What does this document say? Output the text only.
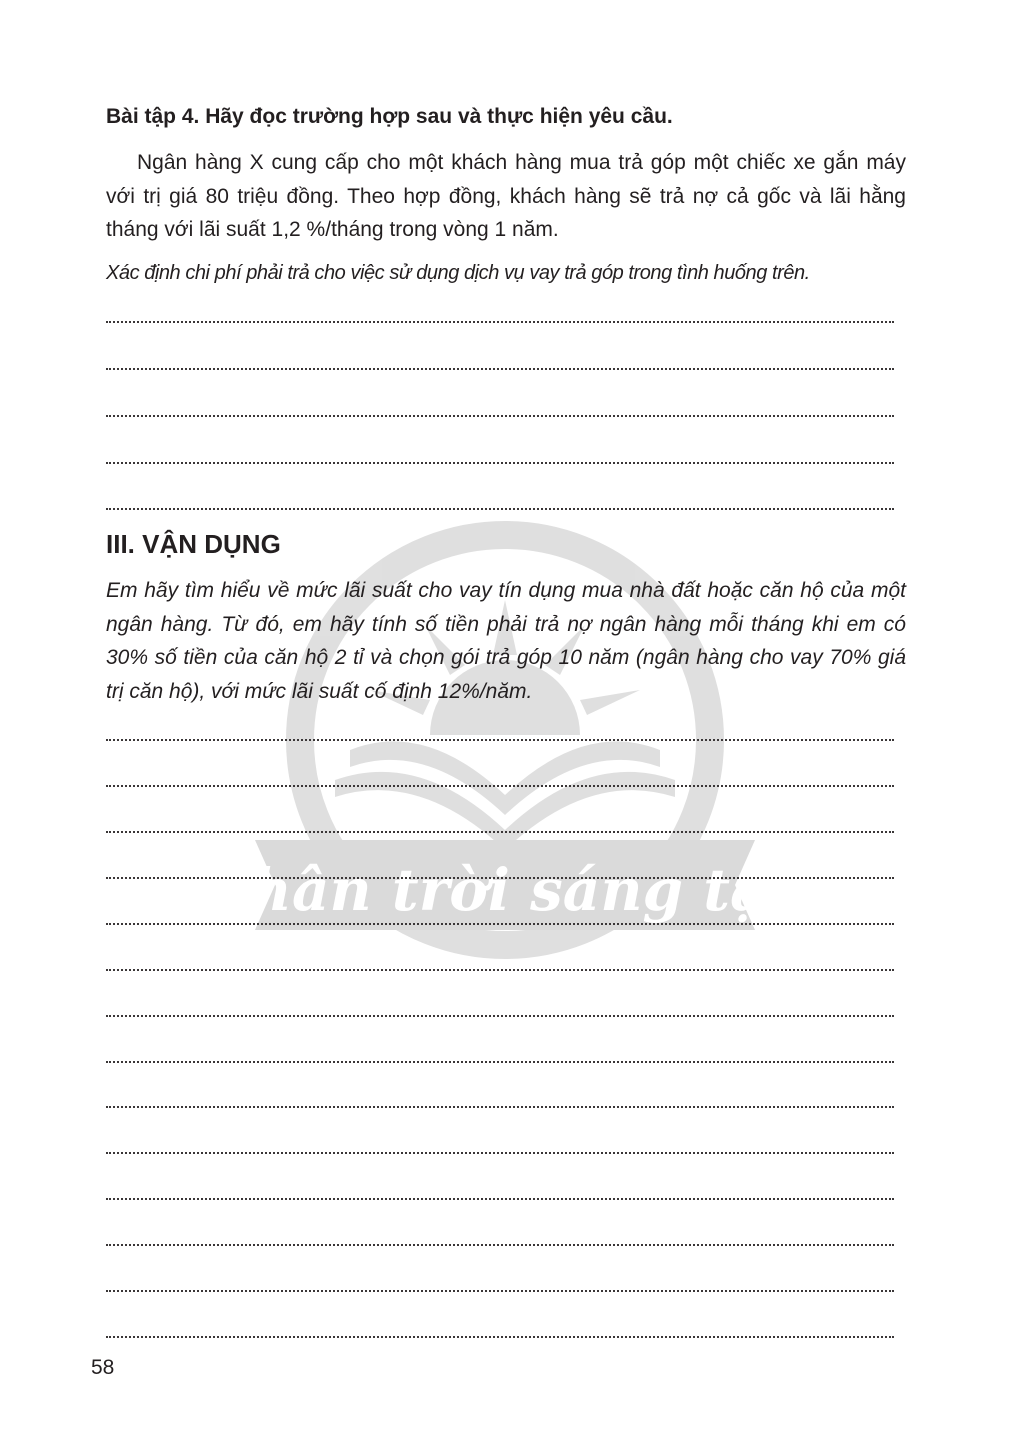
Chân trời sáng tạo
Bài tập 4. Hãy đọc trường hợp sau và thực hiện yêu cầu.
Ngân hàng X cung cấp cho một khách hàng mua trả góp một chiếc xe gắn máy với trị giá 80 triệu đồng. Theo hợp đồng, khách hàng sẽ trả nợ cả gốc và lãi hằng tháng với lãi suất 1,2 %/tháng trong vòng 1 năm.
Xác định chi phí phải trả cho việc sử dụng dịch vụ vay trả góp trong tình huống trên.
III. VẬN DỤNG
Em hãy tìm hiểu về mức lãi suất cho vay tín dụng mua nhà đất hoặc căn hộ của một ngân hàng. Từ đó, em hãy tính số tiền phải trả nợ ngân hàng mỗi tháng khi em có 30% số tiền của căn hộ 2 tỉ và chọn gói trả góp 10 năm (ngân hàng cho vay 70% giá trị căn hộ), với mức lãi suất cố định 12%/năm.
58
